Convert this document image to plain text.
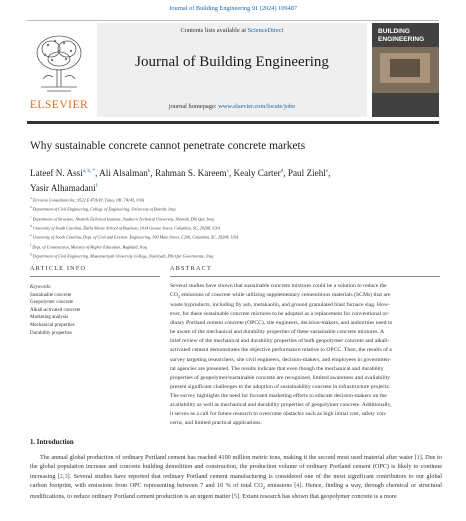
Journal of Building Engineering 91 (2024) 109487
ELSEVIER
Contents lists available at ScienceDirect
Journal of Building Engineering
journal homepage: www.elsevier.com/locate/jobe
BUILDING
ENGINEERING
Why sustainable concrete cannot penetrate concrete markets
Lateef N. Assi$^{a, b, *}$, Ali Alsalman$^b$, Rahman S. Kareem$^c$, Kealy Carter$^d$, Paul Ziehl$^e$,
Yasir Alhamadani$^f$
$^a$ Terracon Consultants Inc, 9522 E 47th Pl, Tulsa, OK, 74145, USA
$^b$ Department of Civil Engineering, College of Engineering, University of Basrah, Iraq
$^c$ Department of Structure, Shatrah Technical Institute, Southern Technical University, Shatrah, Dhi Qar, Iraq
$^d$ University of South Carolina, Darla Moore School of Business, 1014 Greene Street, Columbia, SC, 29208, USA
$^e$ University of South Carolina, Dept. of Civil and Environ. Engineering, 300 Main Street, C206, Columbia, SC, 29208, USA
$^f$ Dept. of Construction, Ministry of Higher Education, Baghdad, Iraq
$^g$ Department of Civil Engineering, Mustansiriyah University College, Nasiriyah, Dhi Qar Governorate, Iraq
ARTICLE INFO	ABSTRACT
Keywords:
Sustainable concrete
Geopolymer concrete
Alkali-activated concrete
Marketing analysis
Mechanical properties
Durability properties
Several studies have shown that sustainable concrete mixtures could be a solution to reduce the
$CO_2$ emissions of concrete while utilizing supplementary cementitious materials (SCMs) that are
waste byproducts, including fly ash, metakaolin, and ground granulated blast furnace slag. How-
ever, for these sustainable concrete mixtures to be adopted as a replacement for conventional or-
dinary Portland cement concrete (OPCC), site engineers, decision-makers, and authorities need to
be aware of the mechanical and durability properties of these sustainable concrete mixtures. A
brief review of the mechanical and durability properties of both geopolymer concrete and alkali-
activated cement demonstrates the objective performance relative to OPCC. Then, the results of a
survey targeting researchers, site civil engineers, decision-makers, and employees in governmen-
tal agencies are presented. The results indicate that even though the mechanical and durability
properties of geopolymer/sustainable concrete are recognized, limited awareness and availability
present significant challenges to the adoption of sustainability concrete in infrastructure projects.
The survey highlights the need for focused marketing efforts to educate decision-makers on the
availability as well as mechanical and durability properties of geopolymer concrete. Additionally,
it serves as a call for future research to overcome obstacles such as high initial cost, safety con-
cerns, and limited practical applications.
1. Introduction
The annual global production of ordinary Portland cement has reached 4100 million metric tons, making it the second most used material after water [1]. Due to the global population increase and concrete building demolition and construction, the production volume of ordinary Portland cement (OPC) is likely to continue increasing [2,3]. Several studies have reported that ordinary Portland cement manufacturing is considered one of the most significant contributors to our global carbon footprint, with emissions from OPC representing between 7 and 10 % of total $CO_2$ emissions [4]. Hence, finding a way, through chemical or structural modifications, to reduce ordinary Portland cement production is an urgent matter [5]. Extant research has shown that geopolymer concrete is a more
